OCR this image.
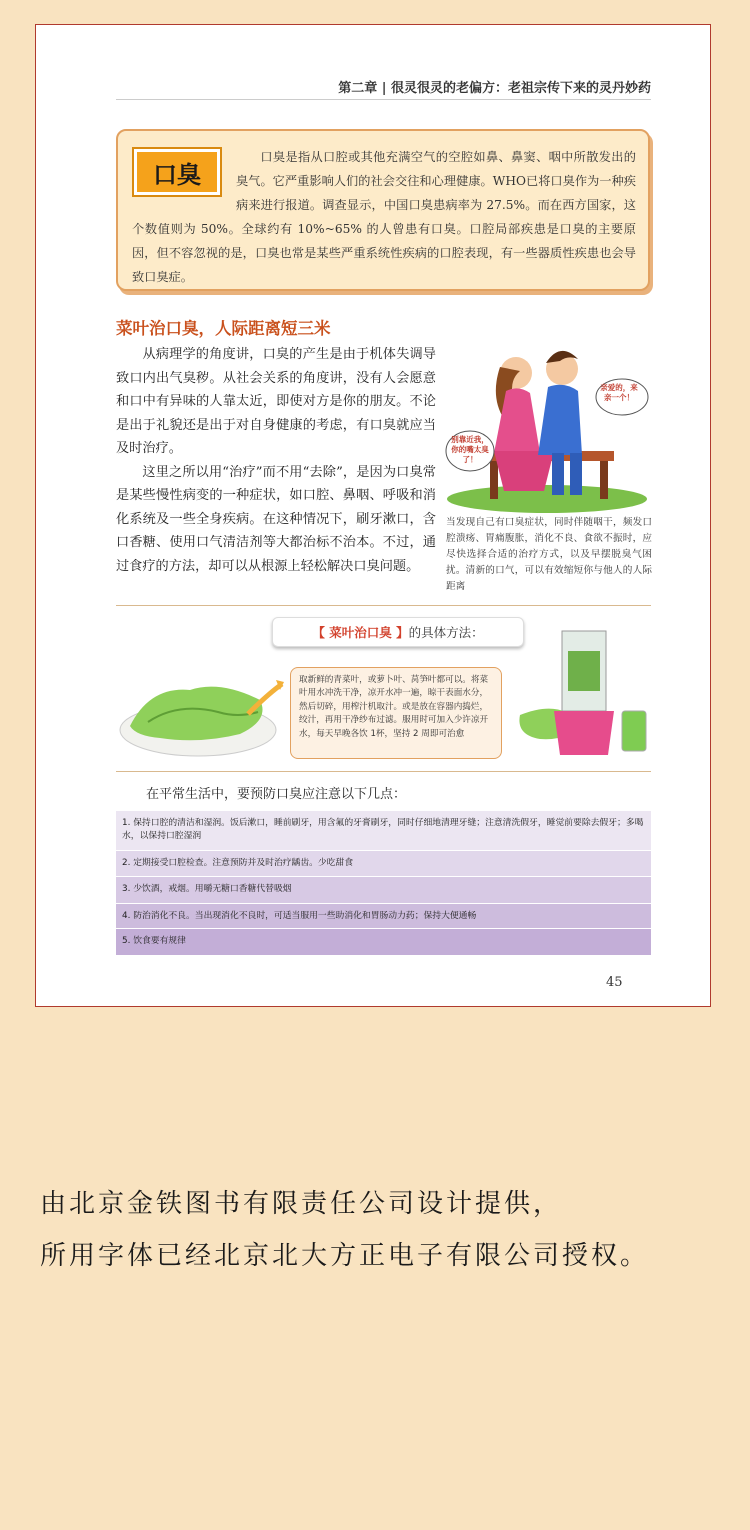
第二章 | 很灵很灵的老偏方：老祖宗传下来的灵丹妙药
口臭
口臭是指从口腔或其他充满空气的空腔如鼻、鼻窦、咽中所散发出的臭气。它严重影响人们的社会交往和心理健康。WHO已将口臭作为一种疾病来进行报道。调查显示，中国口臭患病率为 27.5%。而在西方国家，这个数值则为 50%。全球约有 10%~65% 的人曾患有口臭。口腔局部疾患是口臭的主要原因，但不容忽视的是，口臭也常是某些严重系统性疾病的口腔表现，有一些器质性疾患也会导致口臭症。
菜叶治口臭，人际距离短三米

从病理学的角度讲，口臭的产生是由于机体失调导致口内出气臭秽。从社会关系的角度讲，没有人会愿意和口中有异味的人靠太近，即使对方是你的朋友。不论是出于礼貌还是出于对自身健康的考虑，有口臭就应当及时治疗。

这里之所以用“治疗”而不用“去除”，是因为口臭常是某些慢性病变的一种症状，如口腔、鼻咽、呼吸和消化系统及一些全身疾病。在这种情况下，刷牙漱口，含口香糖、使用口气清洁剂等大都治标不治本。不过，通过食疗的方法，却可以从根源上轻松解决口臭问题。

亲爱的，来亲一个！
别靠近我，你的嘴太臭了！
当发现自己有口臭症状，同时伴随咽干，频发口腔溃疡、胃痛腹胀，消化不良、食欲不振时，应尽快选择合适的治疗方式，以及早摆脱臭气困扰。清新的口气，可以有效缩短你与他人的人际距离
【 菜叶治口臭 】 的具体方法：
取新鲜的青菜叶，或萝卜叶、莴笋叶都可以。将菜叶用水冲洗干净，凉开水冲一遍，晾干表面水分，然后切碎，用榨汁机取汁。或是放在容器内捣烂，绞汁，再用干净纱布过滤。服用时可加入少许凉开水，每天早晚各饮 1杯，坚持 2 周即可治愈
在平常生活中，要预防口臭应注意以下几点：
1. 保持口腔的清洁和湿润。饭后漱口，睡前刷牙，用含氟的牙膏刷牙，同时仔细地清理牙缝；注意清洗假牙，睡觉前要除去假牙；多喝水，以保持口腔湿润
2. 定期接受口腔检查。注意预防并及时治疗龋齿。少吃甜食
3. 少饮酒，戒烟。用嚼无糖口香糖代替吸烟
4. 防治消化不良。当出现消化不良时，可适当服用一些助消化和胃肠动力药；保持大便通畅
5. 饮食要有规律
45
由北京金铁图书有限责任公司设计提供，
所用字体已经北京北大方正电子有限公司授权。
